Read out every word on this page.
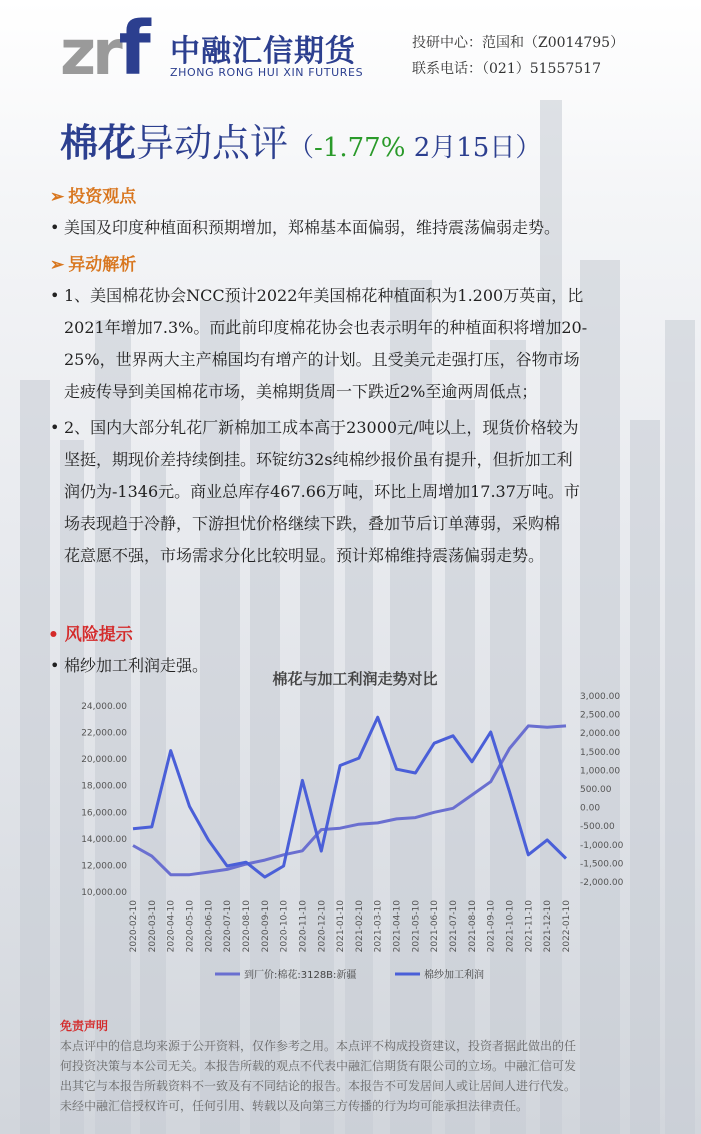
zrf 中融汇信期货
ZHONG RONG HUI XIN FUTURES
投研中心：范国和（Z0014795）
联系电话：（021）51557517
棉花异动点评（-1.77% 2月15日）
➢ 投资观点
• 美国及印度种植面积预期增加，郑棉基本面偏弱，维持震荡偏弱走势。
➢ 异动解析
• 1、美国棉花协会NCC预计2022年美国棉花种植面积为1.200万英亩，比
2021年增加7.3%。而此前印度棉花协会也表示明年的种植面积将增加20-
25%，世界两大主产棉国均有增产的计划。且受美元走强打压，谷物市场
走疲传导到美国棉花市场，美棉期货周一下跌近2%至逾两周低点；
• 2、国内大部分轧花厂新棉加工成本高于23000元/吨以上，现货价格较为
坚挺，期现价差持续倒挂。环锭纺32s纯棉纱报价虽有提升，但折加工利
润仍为-1346元。商业总库存467.66万吨，环比上周增加17.37万吨。市
场表现趋于冷静，下游担忧价格继续下跌，叠加节后订单薄弱，采购棉
花意愿不强，市场需求分化比较明显。预计郑棉维持震荡偏弱走势。
• 风险提示
• 棉纱加工利润走强。
棉花与加工利润走势对比
24,000.00
22,000.00
20,000.00
18,000.00
16,000.00
14,000.00
12,000.00
10,000.00
3,000.00
2,500.00
2,000.00
1,500.00
1,000.00
500.00
0.00
-500.00
-1,000.00
-1,500.00
-2,000.00
2020-02-10 2020-03-10 2020-04-10 2020-05-10 2020-06-10 2020-07-10 2020-08-10 2020-09-10 2020-10-10 2020-11-10 2020-12-10 2021-01-10 2021-02-10 2021-03-10 2021-04-10 2021-05-10 2021-06-10 2021-07-10 2021-08-10 2021-09-10 2021-10-10 2021-11-10 2021-12-10 2022-01-10
到厂价:棉花:3128B:新疆	棉纱加工利润
免责声明
本点评中的信息均来源于公开资料，仅作参考之用。本点评不构成投资建议，投资者据此做出的任
何投资决策与本公司无关。本报告所载的观点不代表中融汇信期货有限公司的立场。中融汇信可发
出其它与本报告所载资料不一致及有不同结论的报告。本报告不可发居间人或让居间人进行代发。
未经中融汇信授权许可，任何引用、转载以及向第三方传播的行为均可能承担法律责任。
